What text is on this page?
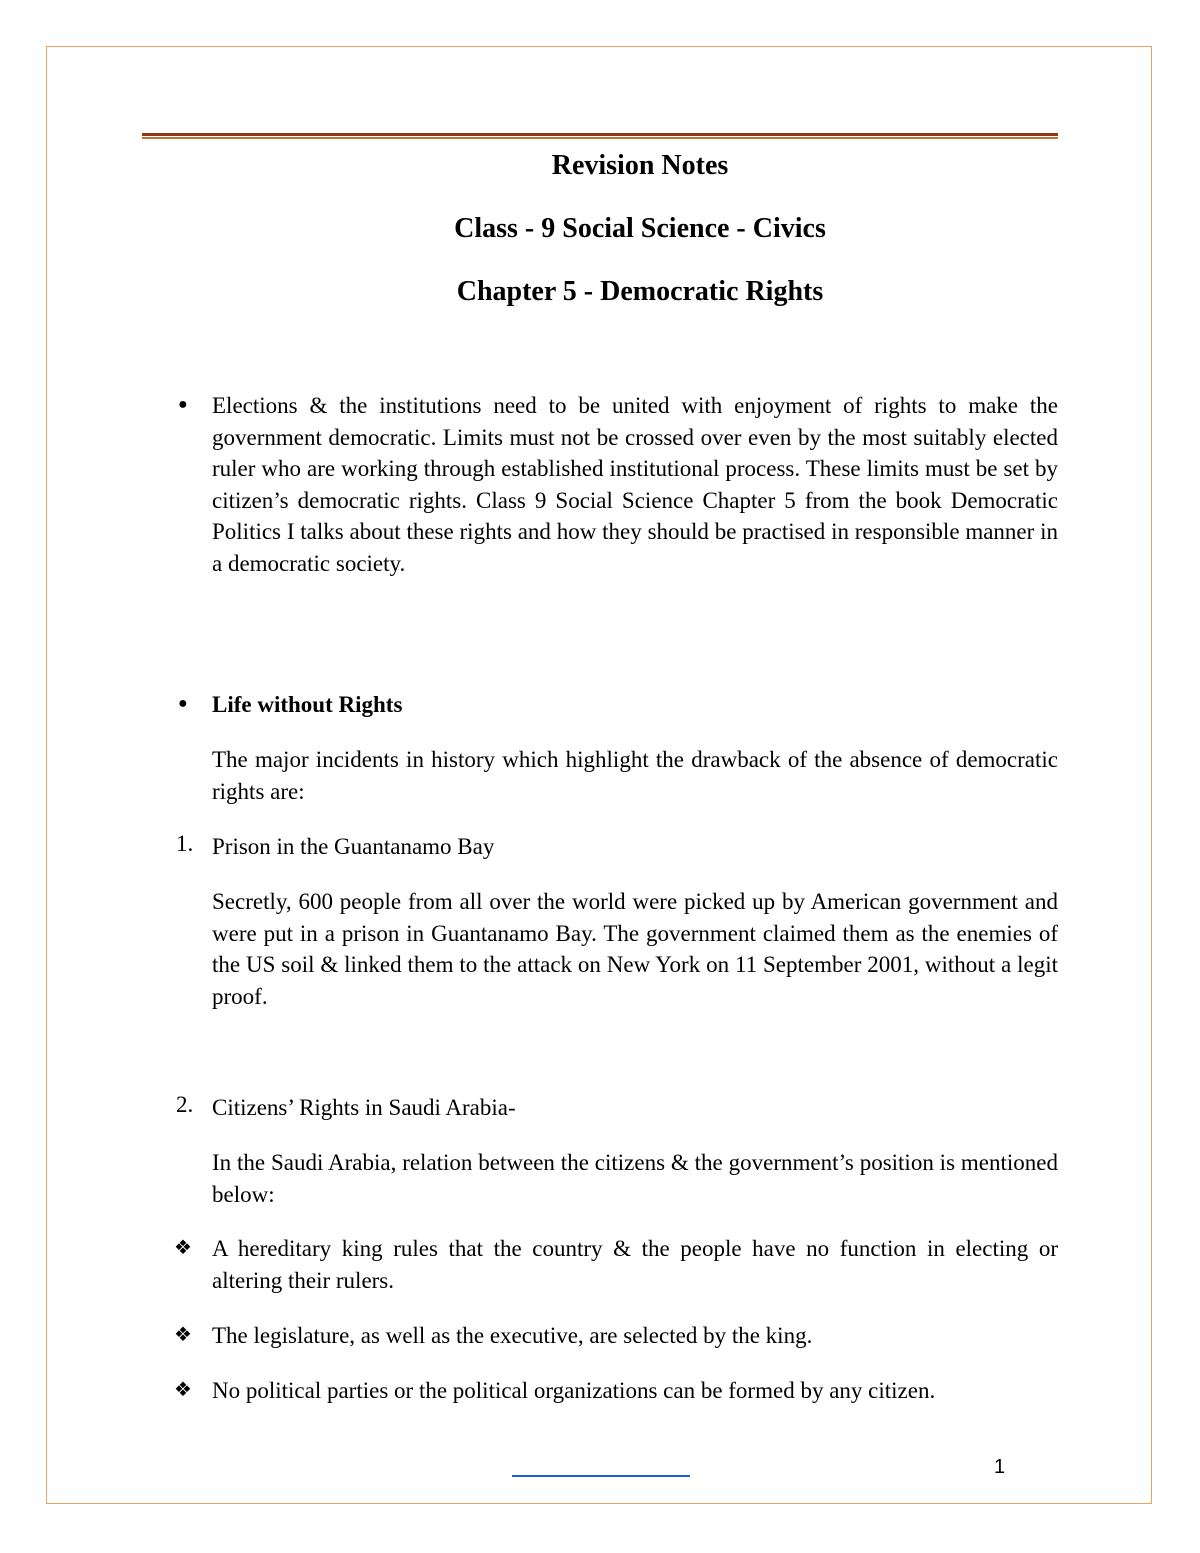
Revision Notes
Class - 9 Social Science - Civics
Chapter 5 - Democratic Rights
● Elections & the institutions need to be united with enjoyment of rights to make the government democratic. Limits must not be crossed over even by the most suitably elected ruler who are working through established institutional process. These limits must be set by citizen’s democratic rights. Class 9 Social Science Chapter 5 from the book Democratic Politics I talks about these rights and how they should be practised in responsible manner in a democratic society.
● Life without Rights
The major incidents in history which highlight the drawback of the absence of democratic rights are:
1. Prison in the Guantanamo Bay
Secretly, 600 people from all over the world were picked up by American government and were put in a prison in Guantanamo Bay. The government claimed them as the enemies of the US soil & linked them to the attack on New York on 11 September 2001, without a legit proof.
2. Citizens’ Rights in Saudi Arabia-
In the Saudi Arabia, relation between the citizens & the government’s position is mentioned below:
❖ A hereditary king rules that the country & the people have no function in electing or altering their rulers.
❖ The legislature, as well as the executive, are selected by the king.
❖ No political parties or the political organizations can be formed by any citizen.
1
